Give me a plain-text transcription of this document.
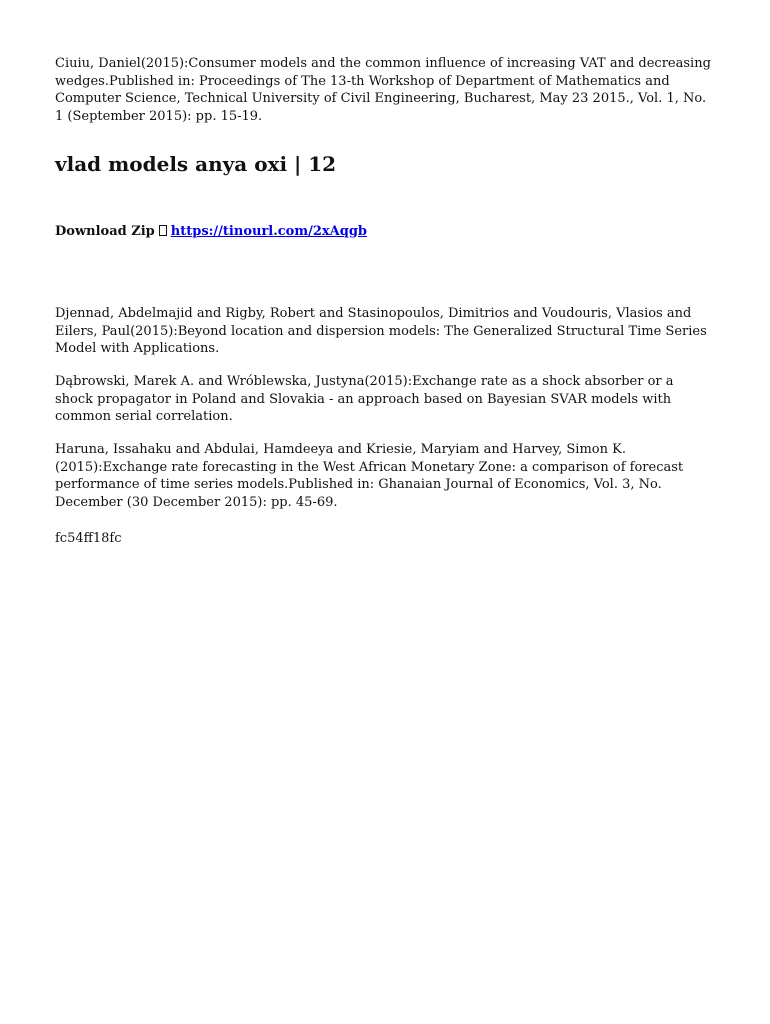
Ciuiu, Daniel(2015):Consumer models and the common influence of increasing VAT and decreasing wedges.Published in: Proceedings of The 13-th Workshop of Department of Mathematics and Computer Science, Technical University of Civil Engineering, Bucharest, May 23 2015., Vol. 1, No. 1 (September 2015): pp. 15-19.

vlad models anya oxi | 12

Download Zip https://tinourl.com/2xAqgb

Djennad, Abdelmajid and Rigby, Robert and Stasinopoulos, Dimitrios and Voudouris, Vlasios and Eilers, Paul(2015):Beyond location and dispersion models: The Generalized Structural Time Series Model with Applications.

Dąbrowski, Marek A. and Wróblewska, Justyna(2015):Exchange rate as a shock absorber or a shock propagator in Poland and Slovakia - an approach based on Bayesian SVAR models with common serial correlation.

Haruna, Issahaku and Abdulai, Hamdeeya and Kriesie, Maryiam and Harvey, Simon K.(2015):Exchange rate forecasting in the West African Monetary Zone: a comparison of forecast performance of time series models.Published in: Ghanaian Journal of Economics, Vol. 3, No. December (30 December 2015): pp. 45-69.

fc54ff18fc
